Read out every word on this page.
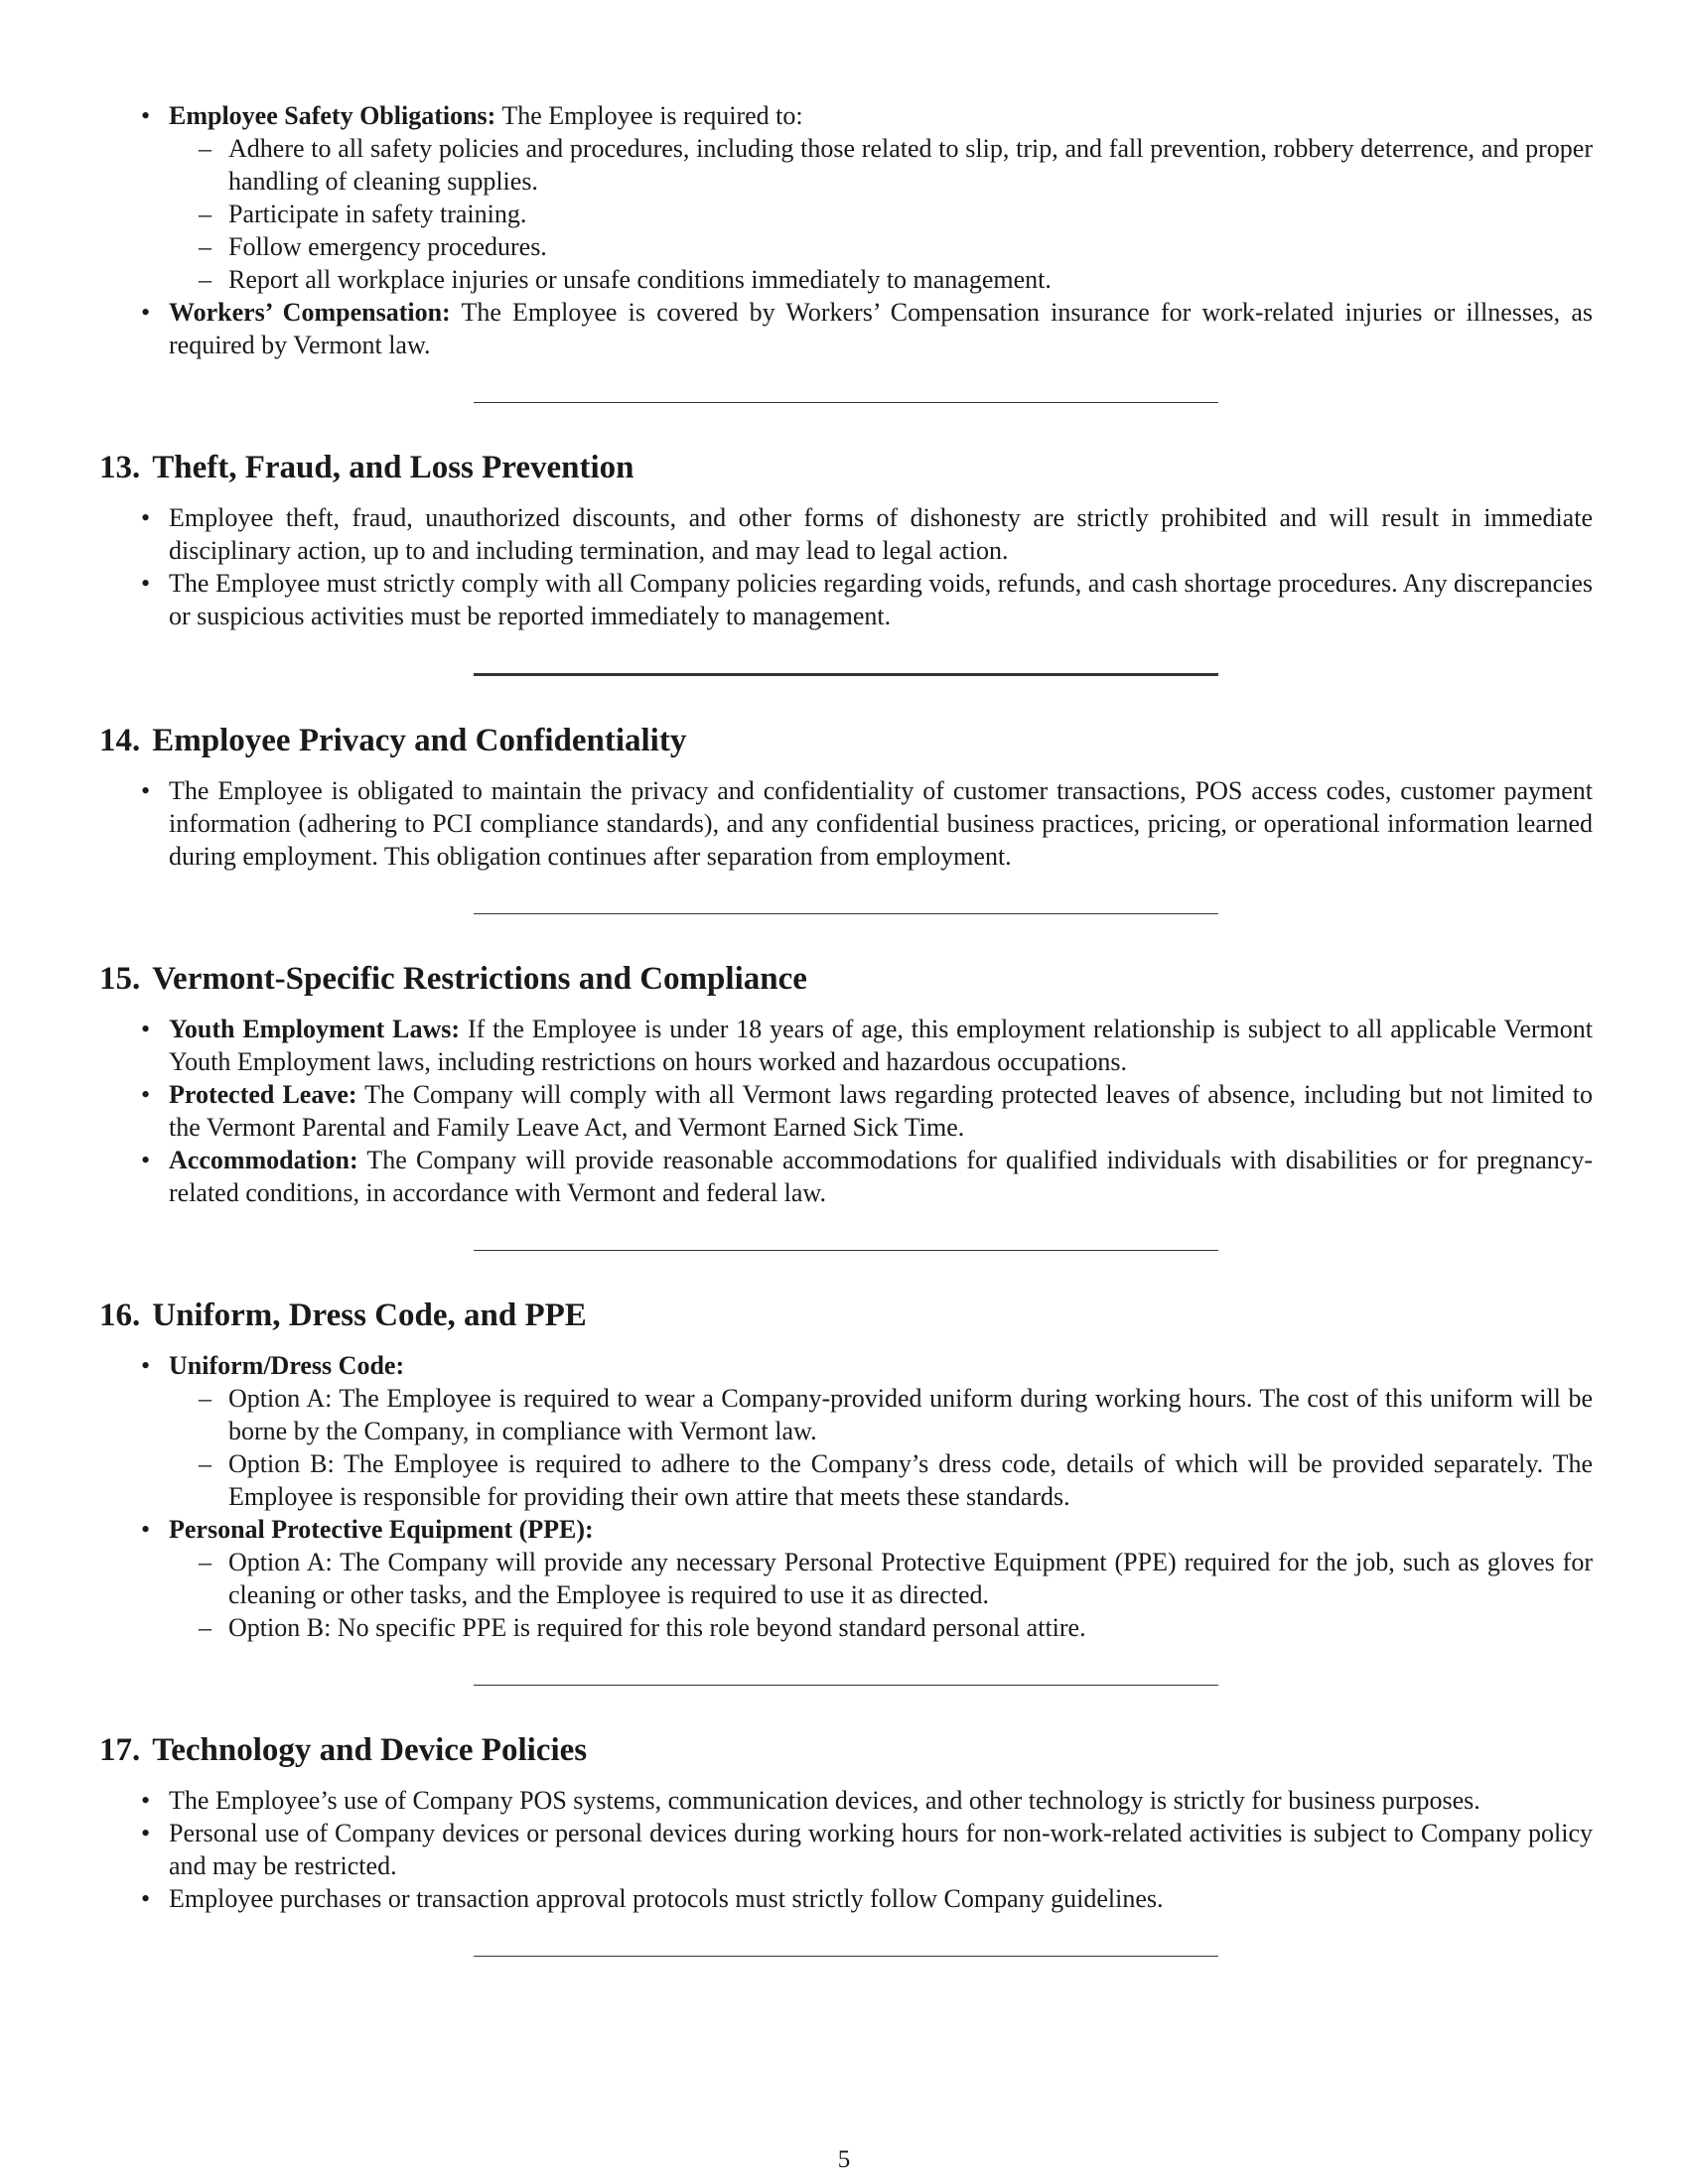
• Employee Safety Obligations: The Employee is required to:
– Adhere to all safety policies and procedures, including those related to slip, trip, and fall prevention, robbery deterrence, and proper handling of cleaning supplies.
– Participate in safety training.
– Follow emergency procedures.
– Report all workplace injuries or unsafe conditions immediately to management.
• Workers’ Compensation: The Employee is covered by Workers’ Compensation insurance for work-related injuries or illnesses, as required by Vermont law.
13. Theft, Fraud, and Loss Prevention
• Employee theft, fraud, unauthorized discounts, and other forms of dishonesty are strictly prohibited and will result in immediate disciplinary action, up to and including termination, and may lead to legal action.
• The Employee must strictly comply with all Company policies regarding voids, refunds, and cash shortage procedures. Any discrepancies or suspicious activities must be reported immediately to management.
14. Employee Privacy and Confidentiality
• The Employee is obligated to maintain the privacy and confidentiality of customer transactions, POS access codes, customer payment information (adhering to PCI compliance standards), and any confidential business practices, pricing, or operational information learned during employment. This obligation continues after separation from employment.
15. Vermont-Specific Restrictions and Compliance
• Youth Employment Laws: If the Employee is under 18 years of age, this employment relationship is subject to all applicable Vermont Youth Employment laws, including restrictions on hours worked and hazardous occupations.
• Protected Leave: The Company will comply with all Vermont laws regarding protected leaves of absence, including but not limited to the Vermont Parental and Family Leave Act, and Vermont Earned Sick Time.
• Accommodation: The Company will provide reasonable accommodations for qualified individuals with disabilities or for pregnancy-related conditions, in accordance with Vermont and federal law.
16. Uniform, Dress Code, and PPE
• Uniform/Dress Code:
– Option A: The Employee is required to wear a Company-provided uniform during working hours. The cost of this uniform will be borne by the Company, in compliance with Vermont law.
– Option B: The Employee is required to adhere to the Company’s dress code, details of which will be provided separately. The Employee is responsible for providing their own attire that meets these standards.
• Personal Protective Equipment (PPE):
– Option A: The Company will provide any necessary Personal Protective Equipment (PPE) required for the job, such as gloves for cleaning or other tasks, and the Employee is required to use it as directed.
– Option B: No specific PPE is required for this role beyond standard personal attire.
17. Technology and Device Policies
• The Employee’s use of Company POS systems, communication devices, and other technology is strictly for business purposes.
• Personal use of Company devices or personal devices during working hours for non-work-related activities is subject to Company policy and may be restricted.
• Employee purchases or transaction approval protocols must strictly follow Company guidelines.
5
